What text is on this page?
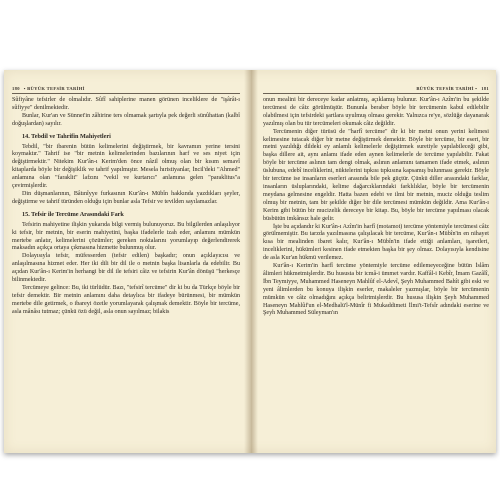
180 • BÜYÜK TEFSİR TARİHİ

Sûfiyâne tefsirler de olmalıdır. Sûfî sahiplerine manen görünen inceliklere de "işârât-ı sûfiyye" denilmektedir.

Bunlar, Kur'an ve Sünnet'in zâhirine ters olmamak şartıyla pek değerli sünûhattan (kalbî doğuşlardan) sayılır.

14. Tebdil ve Tahrifin Mahiyetleri

Tebdil, "bir ibarenin bütün kelimelerini değiştirmek, bir kavramın yerine tersini koymaktır." Tahrif ise "bir metnin kelimelerinden bazılarının harf ve ses niyet için değiştirmektir." Nitekim Kur'ân-ı Kerim'den önce nâzil olmuş olan bir kısım semavî kitaplarda böyle bir değişiklik ve tahrif yapılmıştır. Mesela hıristiyanlar, İncil'deki "Ahmed" anlamına olan "faraklit" lafzını "vekil ve kurtarıcı" anlamına gelen "paraklitus"a çevirmişlerdir.

Din düşmanlarının, Bâtınîyye furkasının Kur'ân-ı Mübîn hakkında yazdıkları şeyler, değiştirme ve tahrif türünden olduğu için bunlar asla Tefsir ve tevilden sayılamazlar.

15. Tefsir ile Tercüme Arasındaki Fark

Tefsirin mahiyetine ilişkin yukarıda bilgi vermiş bulunuyoruz. Bu bilgilerden anlaşılıyor ki tefsir, bir metnin, bir eserin mahiyetini, başka ifadelerle izah eder, anlamını mümkün mertebe anlatır, kelimelerini çözümler; gereken noktalarını yorumlayıp değerlendirerek maksadın açıkça ortaya çıkmasına hizmette bulunmuş olur.

Dolayısıyla tefsir, müfesserden (tefsir edilen) başkadır; onun açıklayıcısı ve anlaşılmasına hizmet eder. Her iki dili bir dil ile o metnin başka lisanlarla da edebilir. Bu açıdan Kur'ân-ı Kerim'in herhangi bir dil ile tefsiri câiz ve tefsirin Kur'ân dönüşü "herkesçe bilinmektedir.

Tercümeye gelince: Bu, iki türlüdür. Bazı, "tefsirî tercüme" dir ki bu da Türkçe böyle bir tefsir demektir. Bir metnin anlamını daha detaylıca bir ifadeye bürünmesi, bir mümkün mertebe dile getirmek, o ibareyi özetle yorumlayarak çalışmak demektir. Böyle bir tercüme, asla mânâsı tutmaz; çünkü özü değil, asla onun sayılmaz; bilakis

BÜYÜK TEFSİR TARİHİ • 181

onun mealini bir dereceye kadar anlatmış, açıklamış bulunur. Kur'ân-ı Azîm'in bu şekilde tercümesi de câiz görülmüştür. Bununla beraber böyle bir tercümenin kabul edilebilir olabilmesi için tefsirdeki şartlara uyulmuş olması gerekir. Yalnızca re'ye, sözlüğe dayanarak yazılmış olan bu tür tercümeleri okumak câiz değildir.

Tercümenin diğer türüsü de "harfî tercüme" dir ki bir metni onun yerini kelimesi kelimesine tutacak diğer bir metne değiştirmek demektir. Böyle bir tercüme, bir eseri, bir metni yazıldığı dildeki ey anlamlı kelimelerle değiştirmek suretiyle yapılabileceği gibi, başka dillere ait, aynı anlamı ifade eden aynen kelimelerle de tercüme yapılabilir. Fakat böyle bir tercüme aslının tam dengi olmak, aslının anlamını tamamen ifade etmek, aslının üslubuna, edebî inceliklerini, nüktelerini tıpkısı tıpkısına kapsamış bulunması gerekir. Böyle bir tercüme ise insanların eserleri arasında bile pek güçtür. Çünkü diller arasındaki farklar, insanların üsluplarındaki, kelime dağarcıklarındaki farklılıklar, böyle bir tercümenin meydana gelmesine engeldir. Hatta bazen edebi ve ilmi bir metnin, muciz olduğu teslim olmuş bir metnin, tam bir şekilde diğer bir dile tercümesi mümkün değildir. Ama Kur'ân-ı Kerim gibi bütün bir mucizelik dereceye bir kitap. Bu, böyle bir tercüme yapılması olacak büsbütün imkânsız hale gelir.

İşte bu açıdandır ki Kur'ân-ı Azîm'in harfî (motamot) tercüme yöntemiyle tercümesi câiz görülmemiştir. Bu tarzda yazılmasına çalışılacak bir tercüme, Kur'ân-ı Mübîn'in en nihayet kısa bir mealinden ibaret kalır, Kur'ân-ı Mübîn'in ifade ettiği anlamları, işaretleri, inceliklerini, hükümleri kesinen ifade etmekten başka bir şey olmaz. Dolayısıyla kendisine de asla Kur'an hükmü verilemez.

Kur'ân-ı Kerim'in harfî tercüme yöntemiyle tercüme edilemeyeceğine bütün İslâm âlimleri hükmetmişlerdir. Bu hususta bir icmâ-i ümmet vardır. Kaffâl-i Kebîr, İmam Gazâlî, İbn Teymiyye, Muhammed Haseneyn Mahlûf el-Adevî, Şeyh Muhammed Bahît gibi eski ve yeni âlimlerden bu konuya ilişkin eserler, makaleler yazmışlar, böyle bir tercümenin mümkün ve câiz olmadığını açıkça belirtmişlerdir. Bu hususa ilişkin Şeyh Muhammed Haseneyn Mahlûf'un el-Medhalü'l-Münîr fi Mukaddimeti İlmi't-Tefsîr adındaki eserine ve Şeyh Muhammed Süleyman'ın
